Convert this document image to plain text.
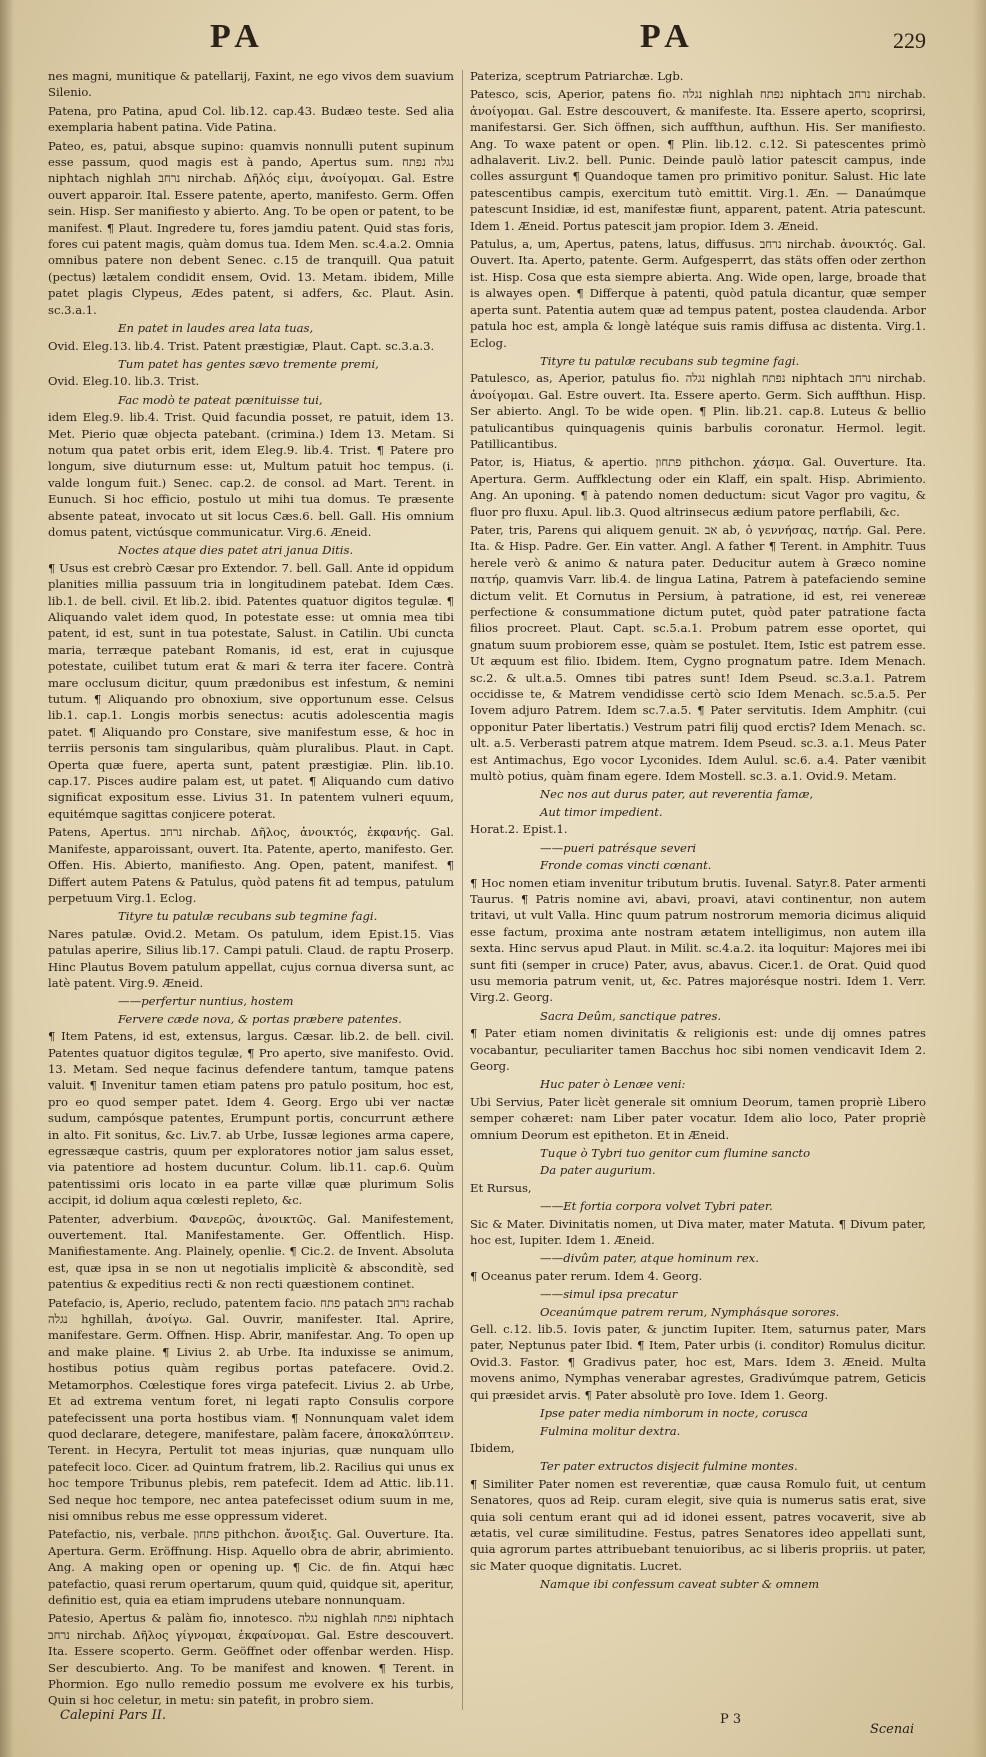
PA	PA	229

nes magni, munitique & patellarij, Faxint, ne ego vivos dem suavium Silenio.

Patena, pro Patina, apud Col. lib.12. cap.43. Budæo teste. Sed alia exemplaria habent patina. Vide Patina.

Pateo, es, patui, absque supino: quamvis nonnulli putent supinum esse passum, quod magis est à pando, Apertus sum. נגלה נפתח niphtach nighlah נרחב nirchab. Δῆλός εἰμι, ἀνοίγομαι. Gal. Estre ouvert apparoir. Ital. Essere patente, aperto, manifesto. Germ. Offen sein. Hisp. Ser manifiesto y abierto. Ang. To be open or patent, to be manifest. ¶ Plaut. Ingredere tu, fores jamdiu patent. Quid stas foris, fores cui patent magis, quàm domus tua. Idem Men. sc.4.a.2. Omnia omnibus patere non debent Senec. c.15 de tranquill. Qua patuit (pectus) lætalem condidit ensem, Ovid. 13. Metam. ibidem, Mille patet plagis Clypeus, Ædes patent, si adfers, &c. Plaut. Asin. sc.3.a.1.

En patet in laudes area lata tuas,

Ovid. Eleg.13. lib.4. Trist. Patent præstigiæ, Plaut. Capt. sc.3.a.3.

Tum patet has gentes sævo tremente premi,

Ovid. Eleg.10. lib.3. Trist.

Fac modò te pateat pœnituisse tui,

idem Eleg.9. lib.4. Trist. Quid facundia posset, re patuit, idem 13. Met. Pierio quæ objecta patebant. (crimina.) Idem 13. Metam. Si notum qua patet orbis erit, idem Eleg.9. lib.4. Trist. ¶ Patere pro longum, sive diuturnum esse: ut, Multum patuit hoc tempus. (i. valde longum fuit.) Senec. cap.2. de consol. ad Mart. Terent. in Eunuch. Si hoc efficio, postulo ut mihi tua domus. Te præsente absente pateat, invocato ut sit locus Cæs.6. bell. Gall. His omnium domus patent, victúsque communicatur. Virg.6. Æneid.

Noctes atque dies patet atri janua Ditis.

¶ Usus est crebrò Cæsar pro Extendor. 7. bell. Gall. Ante id oppidum planities millia passuum tria in longitudinem patebat. Idem Cæs. lib.1. de bell. civil. Et lib.2. ibid. Patentes quatuor digitos tegulæ. ¶ Aliquando valet idem quod, In potestate esse: ut omnia mea tibi patent, id est, sunt in tua potestate, Salust. in Catilin. Ubi cuncta maria, terræque patebant Romanis, id est, erat in cujusque potestate, cuilibet tutum erat & mari & terra iter facere. Contrà mare occlusum dicitur, quum prædonibus est infestum, & nemini tutum. ¶ Aliquando pro obnoxium, sive opportunum esse. Celsus lib.1. cap.1. Longis morbis senectus: acutis adolescentia magis patet. ¶ Aliquando pro Constare, sive manifestum esse, & hoc in terriis personis tam singularibus, quàm pluralibus. Plaut. in Capt. Operta quæ fuere, aperta sunt, patent præstigiæ. Plin. lib.10. cap.17. Pisces audire palam est, ut patet. ¶ Aliquando cum dativo significat expositum esse. Livius 31. In patentem vulneri equum, equitémque sagittas conjicere poterat.

Patens, Apertus. נרחב nirchab. Δῆλος, ἀνοικτός, ἐκφανής. Gal. Manifeste, apparoissant, ouvert. Ita. Patente, aperto, manifesto. Ger. Offen. His. Abierto, manifiesto. Ang. Open, patent, manifest. ¶ Differt autem Patens & Patulus, quòd patens fit ad tempus, patulum perpetuum Virg.1. Eclog.

Tityre tu patulæ recubans sub tegmine fagi.

Nares patulæ. Ovid.2. Metam. Os patulum, idem Epist.15. Vias patulas aperire, Silius lib.17. Campi patuli. Claud. de raptu Proserp. Hinc Plautus Bovem patulum appellat, cujus cornua diversa sunt, ac latè patent. Virg.9. Æneid.

——perfertur nuntius, hostem

Fervere cæde nova, & portas præbere patentes.

¶ Item Patens, id est, extensus, largus. Cæsar. lib.2. de bell. civil. Patentes quatuor digitos tegulæ, ¶ Pro aperto, sive manifesto. Ovid. 13. Metam. Sed neque facinus defendere tantum, tamque patens valuit. ¶ Invenitur tamen etiam patens pro patulo positum, hoc est, pro eo quod semper patet. Idem 4. Georg. Ergo ubi ver nactæ sudum, campósque patentes, Erumpunt portis, concurrunt æthere in alto. Fit sonitus, &c. Liv.7. ab Urbe, Iussæ legiones arma capere, egressæque castris, quum per exploratores notior jam salus esset, via patentiore ad hostem ducuntur. Colum. lib.11. cap.6. Quùm patentissimi oris locato in ea parte villæ quæ plurimum Solis accipit, id dolium aqua cœlesti repleto, &c.

Patenter, adverbium. Φανερῶς, ἀνοικτῶς. Gal. Manifestement, ouvertement. Ital. Manifestamente. Ger. Offentlich. Hisp. Manifiestamente. Ang. Plainely, openlie. ¶ Cic.2. de Invent. Absoluta est, quæ ipsa in se non ut negotialis implicitè & absconditè, sed patentius & expeditius recti & non recti quæstionem continet.

Patefacio, is, Aperio, recludo, patentem facio. פתח patach נרחב rachab נגלה hghillah, ἀνοίγω. Gal. Ouvrir, manifester. Ital. Aprire, manifestare. Germ. Offnen. Hisp. Abrir, manifestar. Ang. To open up and make plaine. ¶ Livius 2. ab Urbe. Ita induxisse se animum, hostibus potius quàm regibus portas patefacere. Ovid.2. Metamorphos. Cœlestique fores virga patefecit. Livius 2. ab Urbe, Et ad extrema ventum foret, ni legati rapto Consulis corpore patefecissent una porta hostibus viam. ¶ Nonnunquam valet idem quod declarare, detegere, manifestare, palàm facere, ἀποκαλύπτειν. Terent. in Hecyra, Pertulit tot meas injurias, quæ nunquam ullo patefecit loco. Cicer. ad Quintum fratrem, lib.2. Racilius qui unus ex hoc tempore Tribunus plebis, rem patefecit. Idem ad Attic. lib.11. Sed neque hoc tempore, nec antea patefecisset odium suum in me, nisi omnibus rebus me esse oppressum videret.

Patefactio, nis, verbale. פתחון pithchon. ἄνοιξις. Gal. Ouverture. Ita. Apertura. Germ. Eröffnung. Hisp. Aquello obra de abrir, abrimiento. Ang. A making open or opening up. ¶ Cic. de fin. Atqui hæc patefactio, quasi rerum opertarum, quum quid, quidque sit, aperitur, definitio est, quia ea etiam imprudens utebare nonnunquam.

Patesio, Apertus & palàm fio, innotesco. נגלה nighlah נפתח niphtach נרחב nirchab. Δῆλος γίγνομαι, ἐκφαίνομαι. Gal. Estre descouvert. Ita. Essere scoperto. Germ. Geöffnet oder offenbar werden. Hisp. Ser descubierto. Ang. To be manifest and knowen. ¶ Terent. in Phormion. Ego nullo remedio possum me evolvere ex his turbis, Quin si hoc celetur, in metu: sin patefit, in probro siem.

Pateriza, sceptrum Patriarchæ. Lgb.

Patesco, scis, Aperior, patens fio. נגלה nighlah נפתח niphtach נרחב nirchab. ἀνοίγομαι. Gal. Estre descouvert, & manifeste. Ita. Essere aperto, scoprirsi, manifestarsi. Ger. Sich öffnen, sich auffthun, aufthun. His. Ser manifiesto. Ang. To waxe patent or open. ¶ Plin. lib.12. c.12. Si patescentes primò adhalaverit. Liv.2. bell. Punic. Deinde paulò latior patescit campus, inde colles assurgunt ¶ Quandoque tamen pro primitivo ponitur. Salust. Hic late patescentibus campis, exercitum tutò emittit. Virg.1. Æn. — Danaúmque patescunt Insidiæ, id est, manifestæ fiunt, apparent, patent. Atria patescunt. Idem 1. Æneid. Portus patescit jam propior. Idem 3. Æneid.

Patulus, a, um, Apertus, patens, latus, diffusus. נרחב nirchab. ἀνοικτός. Gal. Ouvert. Ita. Aperto, patente. Germ. Aufgesperrt, das stäts offen oder zerthon ist. Hisp. Cosa que esta siempre abierta. Ang. Wide open, large, broade that is alwayes open. ¶ Differque à patenti, quòd patula dicantur, quæ semper aperta sunt. Patentia autem quæ ad tempus patent, postea claudenda. Arbor patula hoc est, ampla & longè latéque suis ramis diffusa ac distenta. Virg.1. Eclog.

Tityre tu patulæ recubans sub tegmine fagi.

Patulesco, as, Aperior, patulus fio. נגלה nighlah נפתח niphtach נרחב nirchab. ἀνοίγομαι. Gal. Estre ouvert. Ita. Essere aperto. Germ. Sich auffthun. Hisp. Ser abierto. Angl. To be wide open. ¶ Plin. lib.21. cap.8. Luteus & bellio patulicantibus quinquagenis quinis barbulis coronatur. Hermol. legit. Patillicantibus.

Pator, is, Hiatus, & apertio. פתחון pithchon. χάσμα. Gal. Ouverture. Ita. Apertura. Germ. Auffklectung oder ein Klaff, ein spalt. Hisp. Abrimiento. Ang. An uponing. ¶ à patendo nomen deductum: sicut Vagor pro vagitu, & fluor pro fluxu. Apul. lib.3. Quod altrinsecus ædium patore perflabili, &c.

Pater, tris, Parens qui aliquem genuit. אב ab, ὁ γεννήσας, πατήρ. Gal. Pere. Ita. & Hisp. Padre. Ger. Ein vatter. Angl. A father ¶ Terent. in Amphitr. Tuus herele verò & animo & natura pater. Deducitur autem à Græco nomine πατήρ, quamvis Varr. lib.4. de lingua Latina, Patrem à patefaciendo semine dictum velit. Et Cornutus in Persium, à patratione, id est, rei venereæ perfectione & consummatione dictum putet, quòd pater patratione facta filios procreet. Plaut. Capt. sc.5.a.1. Probum patrem esse oportet, qui gnatum suum probiorem esse, quàm se postulet. Item, Istic est patrem esse. Ut æquum est filio. Ibidem. Item, Cygno prognatum patre. Idem Menach. sc.2. & ult.a.5. Omnes tibi patres sunt! Idem Pseud. sc.3.a.1. Patrem occidisse te, & Matrem vendidisse certò scio Idem Menach. sc.5.a.5. Per Iovem adjuro Patrem. Idem sc.7.a.5. ¶ Pater servitutis. Idem Amphitr. (cui opponitur Pater libertatis.) Vestrum patri filij quod erctis? Idem Menach. sc. ult. a.5. Verberasti patrem atque matrem. Idem Pseud. sc.3. a.1. Meus Pater est Antimachus, Ego vocor Lyconides. Idem Aulul. sc.6. a.4. Pater vænibit multò potius, quàm finam egere. Idem Mostell. sc.3. a.1. Ovid.9. Metam.

Nec nos aut durus pater, aut reverentia famæ,

Aut timor impedient.

Horat.2. Epist.1.

——pueri patrésque severi

Fronde comas vincti cœnant.

¶ Hoc nomen etiam invenitur tributum brutis. Iuvenal. Satyr.8. Pater armenti Taurus. ¶ Patris nomine avi, abavi, proavi, atavi continentur, non autem tritavi, ut vult Valla. Hinc quum patrum nostrorum memoria dicimus aliquid esse factum, proxima ante nostram ætatem intelligimus, non autem illa sexta. Hinc servus apud Plaut. in Milit. sc.4.a.2. ita loquitur: Majores mei ibi sunt fiti (semper in cruce) Pater, avus, abavus. Cicer.1. de Orat. Quid quod usu memoria patrum venit, ut, &c. Patres majorésque nostri. Idem 1. Verr. Virg.2. Georg.

Sacra Deûm, sanctique patres.

¶ Pater etiam nomen divinitatis & religionis est: unde dij omnes patres vocabantur, peculiariter tamen Bacchus hoc sibi nomen vendicavit Idem 2. Georg.

Huc pater ò Lenæe veni:

Ubi Servius, Pater licèt generale sit omnium Deorum, tamen propriè Libero semper cohæret: nam Liber pater vocatur. Idem alio loco, Pater propriè omnium Deorum est epitheton. Et in Æneid.

Tuque ò Tybri tuo genitor cum flumine sancto

Da pater augurium.

Et Rursus,

——Et fortia corpora volvet Tybri pater.

Sic & Mater. Divinitatis nomen, ut Diva mater, mater Matuta. ¶ Divum pater, hoc est, Iupiter. Idem 1. Æneid.

——divûm pater, atque hominum rex.

¶ Oceanus pater rerum. Idem 4. Georg.

——simul ipsa precatur

Oceanúmque patrem rerum, Nymphásque sorores.

Gell. c.12. lib.5. Iovis pater, & junctim Iupiter. Item, saturnus pater, Mars pater, Neptunus pater Ibid. ¶ Item, Pater urbis (i. conditor) Romulus dicitur. Ovid.3. Fastor. ¶ Gradivus pater, hoc est, Mars. Idem 3. Æneid. Multa movens animo, Nymphas venerabar agrestes, Gradivúmque patrem, Geticis qui præsidet arvis. ¶ Pater absolutè pro Iove. Idem 1. Georg.

Ipse pater media nimborum in nocte, corusca

Fulmina molitur dextra.

Ibidem,

Ter pater extructos disjecit fulmine montes.

¶ Similiter Pater nomen est reverentiæ, quæ causa Romulo fuit, ut centum Senatores, quos ad Reip. curam elegit, sive quia is numerus satis erat, sive quia soli centum erant qui ad id idonei essent, patres vocaverit, sive ab ætatis, vel curæ similitudine. Festus, patres Senatores ideo appellati sunt, quia agrorum partes attribuebant tenuioribus, ac si liberis propriis. ut pater, sic Mater quoque dignitatis. Lucret.

Namque ibi confessum caveat subter & omnem

Calepini Pars II.	P 3
Scenai
